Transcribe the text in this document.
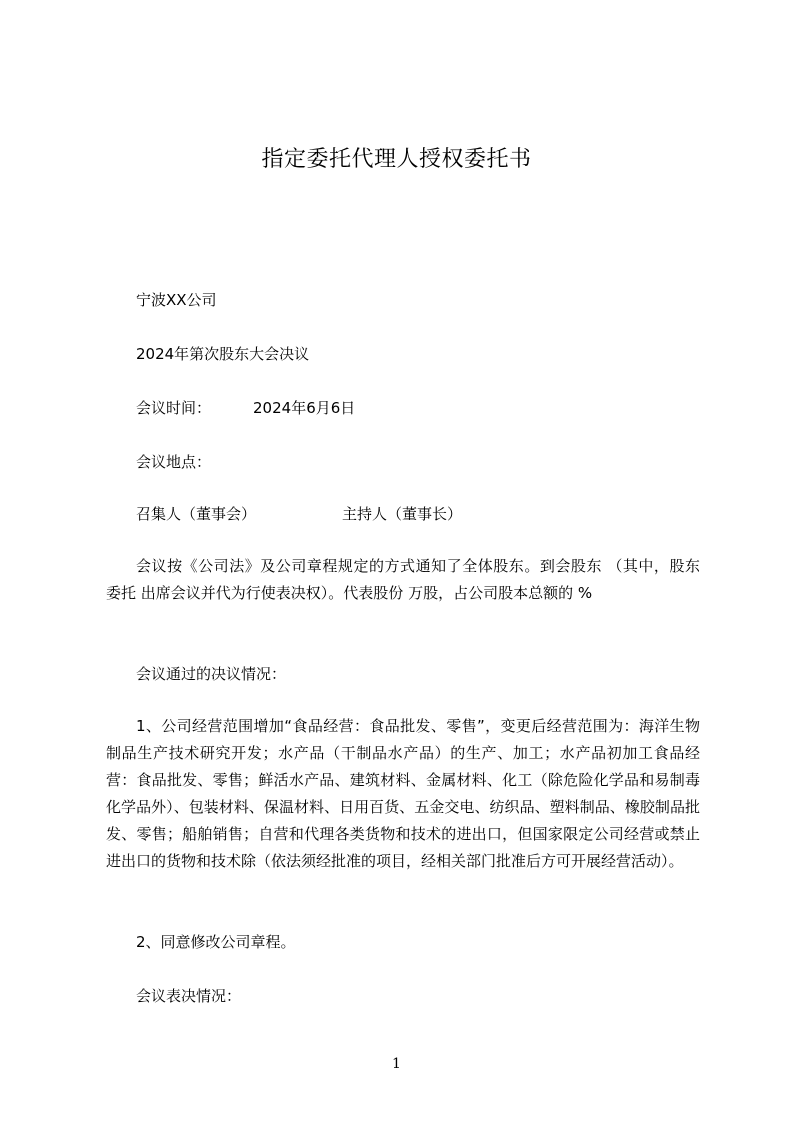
指定委托代理人授权委托书
宁波XX公司
2024年第次股东大会决议
会议时间：	2024年6月6日
会议地点：
召集人（董事会）	主持人（董事长）
会议按《公司法》及公司章程规定的方式通知了全体股东。到会股东 （其中，股东 委托 出席会议并代为行使表决权）。代表股份 万股，占公司股本总额的 %
会议通过的决议情况：
1、公司经营范围增加“食品经营：食品批发、零售”，变更后经营范围为：海洋生物制品生产技术研究开发；水产品（干制品水产品）的生产、加工；水产品初加工食品经营：食品批发、零售；鲜活水产品、建筑材料、金属材料、化工（除危险化学品和易制毒化学品外）、包装材料、保温材料、日用百货、五金交电、纺织品、塑料制品、橡胶制品批发、零售；船舶销售；自营和代理各类货物和技术的进出口，但国家限定公司经营或禁止进出口的货物和技术除（依法须经批准的项目，经相关部门批准后方可开展经营活动）。
2、同意修改公司章程。
会议表决情况：
1
